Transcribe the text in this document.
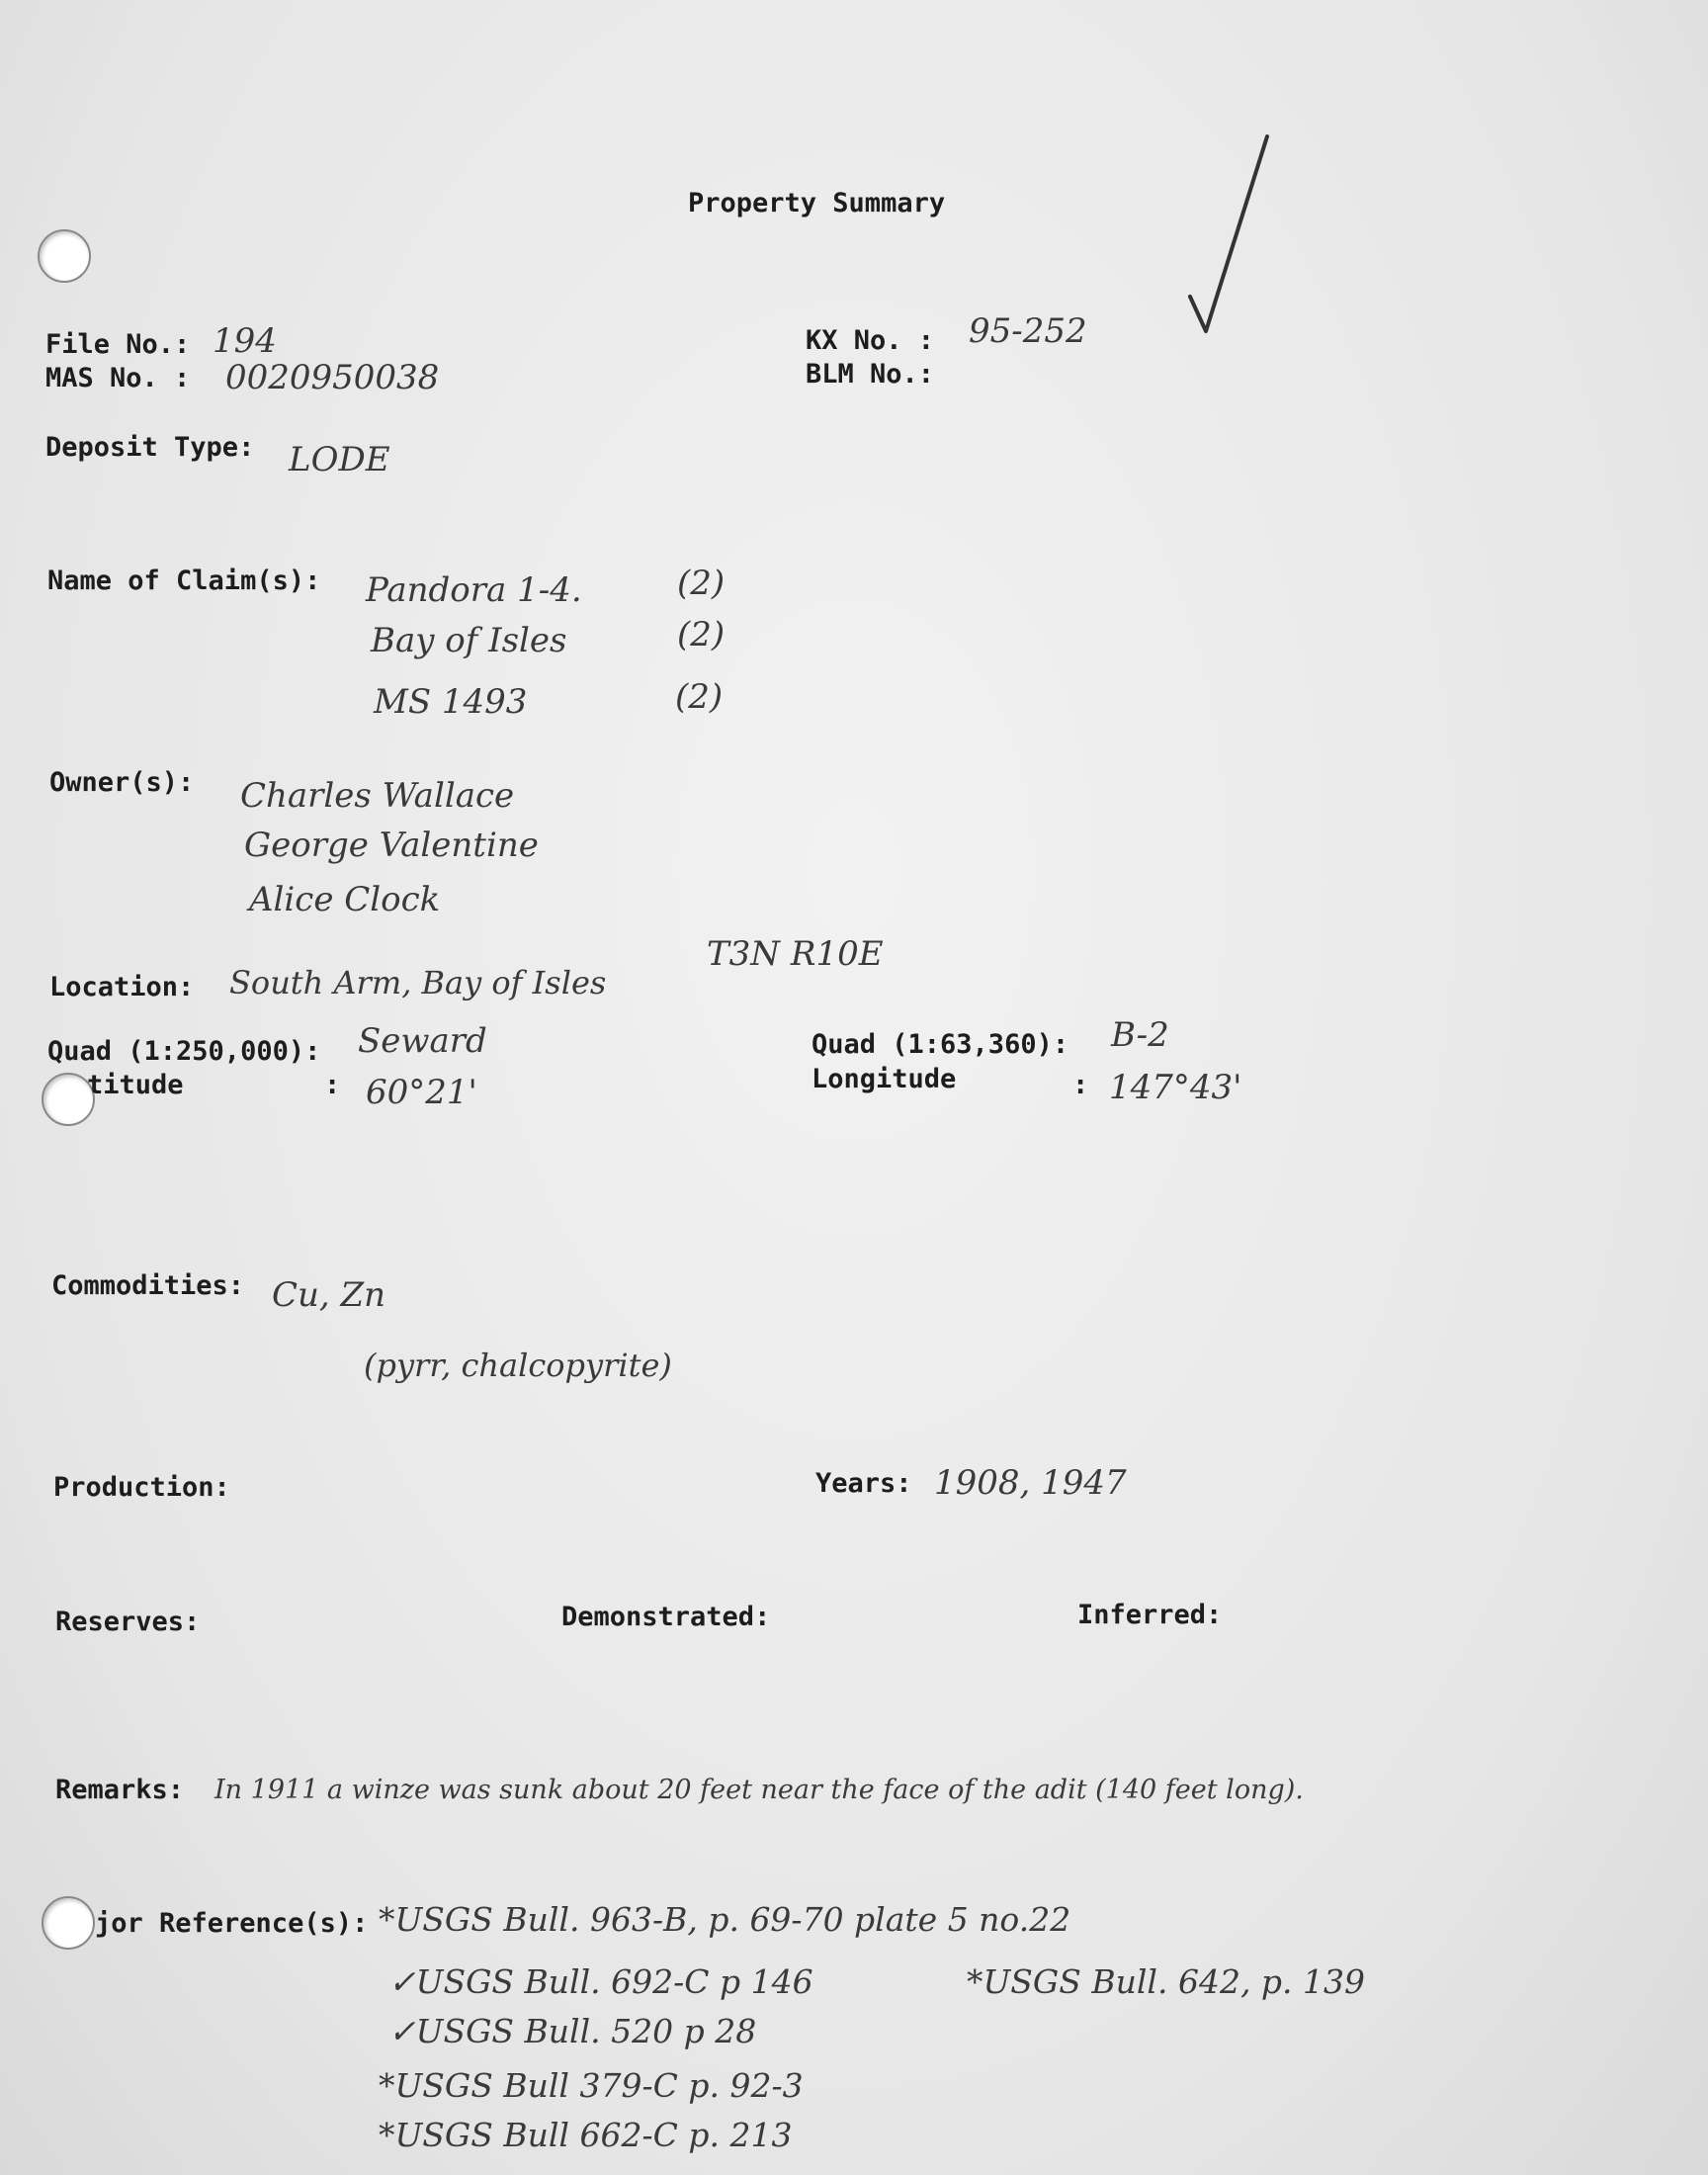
Property Summary
File No.: 194
MAS No. : 0020950038
KX No. : 95-252
BLM No.:
Deposit Type: LODE
Name of Claim(s): Pandora 1-4.	(2)
Bay of Isles	(2)
MS 1493	(2)
Owner(s): Charles Wallace
George Valentine
Alice Clock
Location: South Arm, Bay of Isles
T3N R10E
Quad (1:250,000): Seward
titude	: 60°21'
Quad (1:63,360): B-2
Longitude	: 147°43'
Commodities: Cu, Zn
(pyrr, chalcopyrite)
Production:	Years: 1908, 1947
Reserves:	Demonstrated:	Inferred:
Remarks: In 1911 a winze was sunk about 20 feet near the face of the adit (140 feet long).
jor Reference(s): *USGS Bull. 963-B, p. 69-70 plate 5 no.22
✓USGS Bull. 692-C p 146
✓USGS Bull. 520 p 28
*USGS Bull 379-C p. 92-3
*USGS Bull 662-C p. 213
*USGS Bull. 642, p. 139
